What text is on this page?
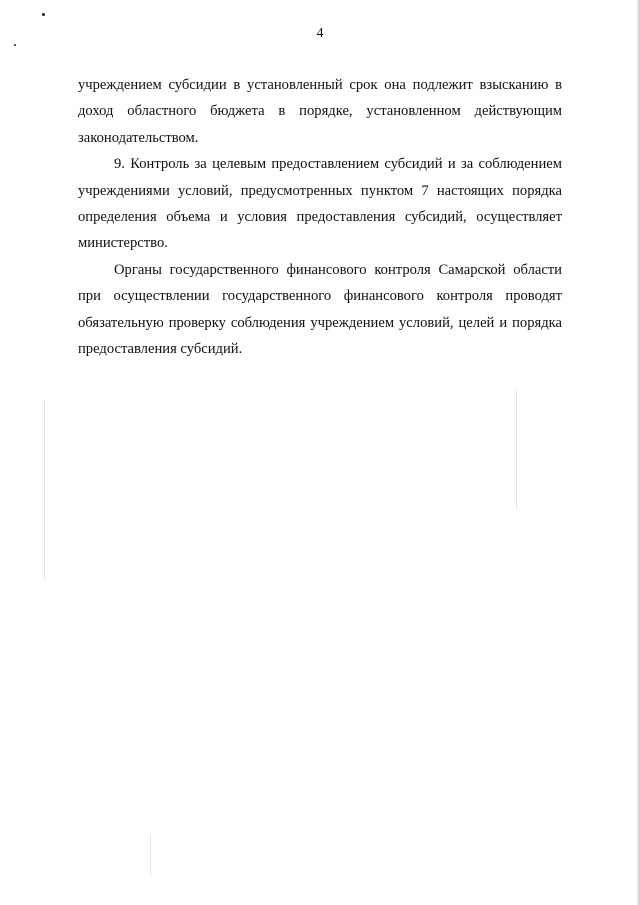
4

учреждением субсидии в установленный срок она подлежит взысканию в доход областного бюджета в порядке, установленном действующим законодательством.

9. Контроль за целевым предоставлением субсидий и за соблюдением учреждениями условий, предусмотренных пунктом 7 настоящих порядка определения объема и условия предоставления субсидий, осуществляет министерство.

Органы государственного финансового контроля Самарской области при осуществлении государственного финансового контроля проводят обязательную проверку соблюдения учреждением условий, целей и порядка предоставления субсидий.
